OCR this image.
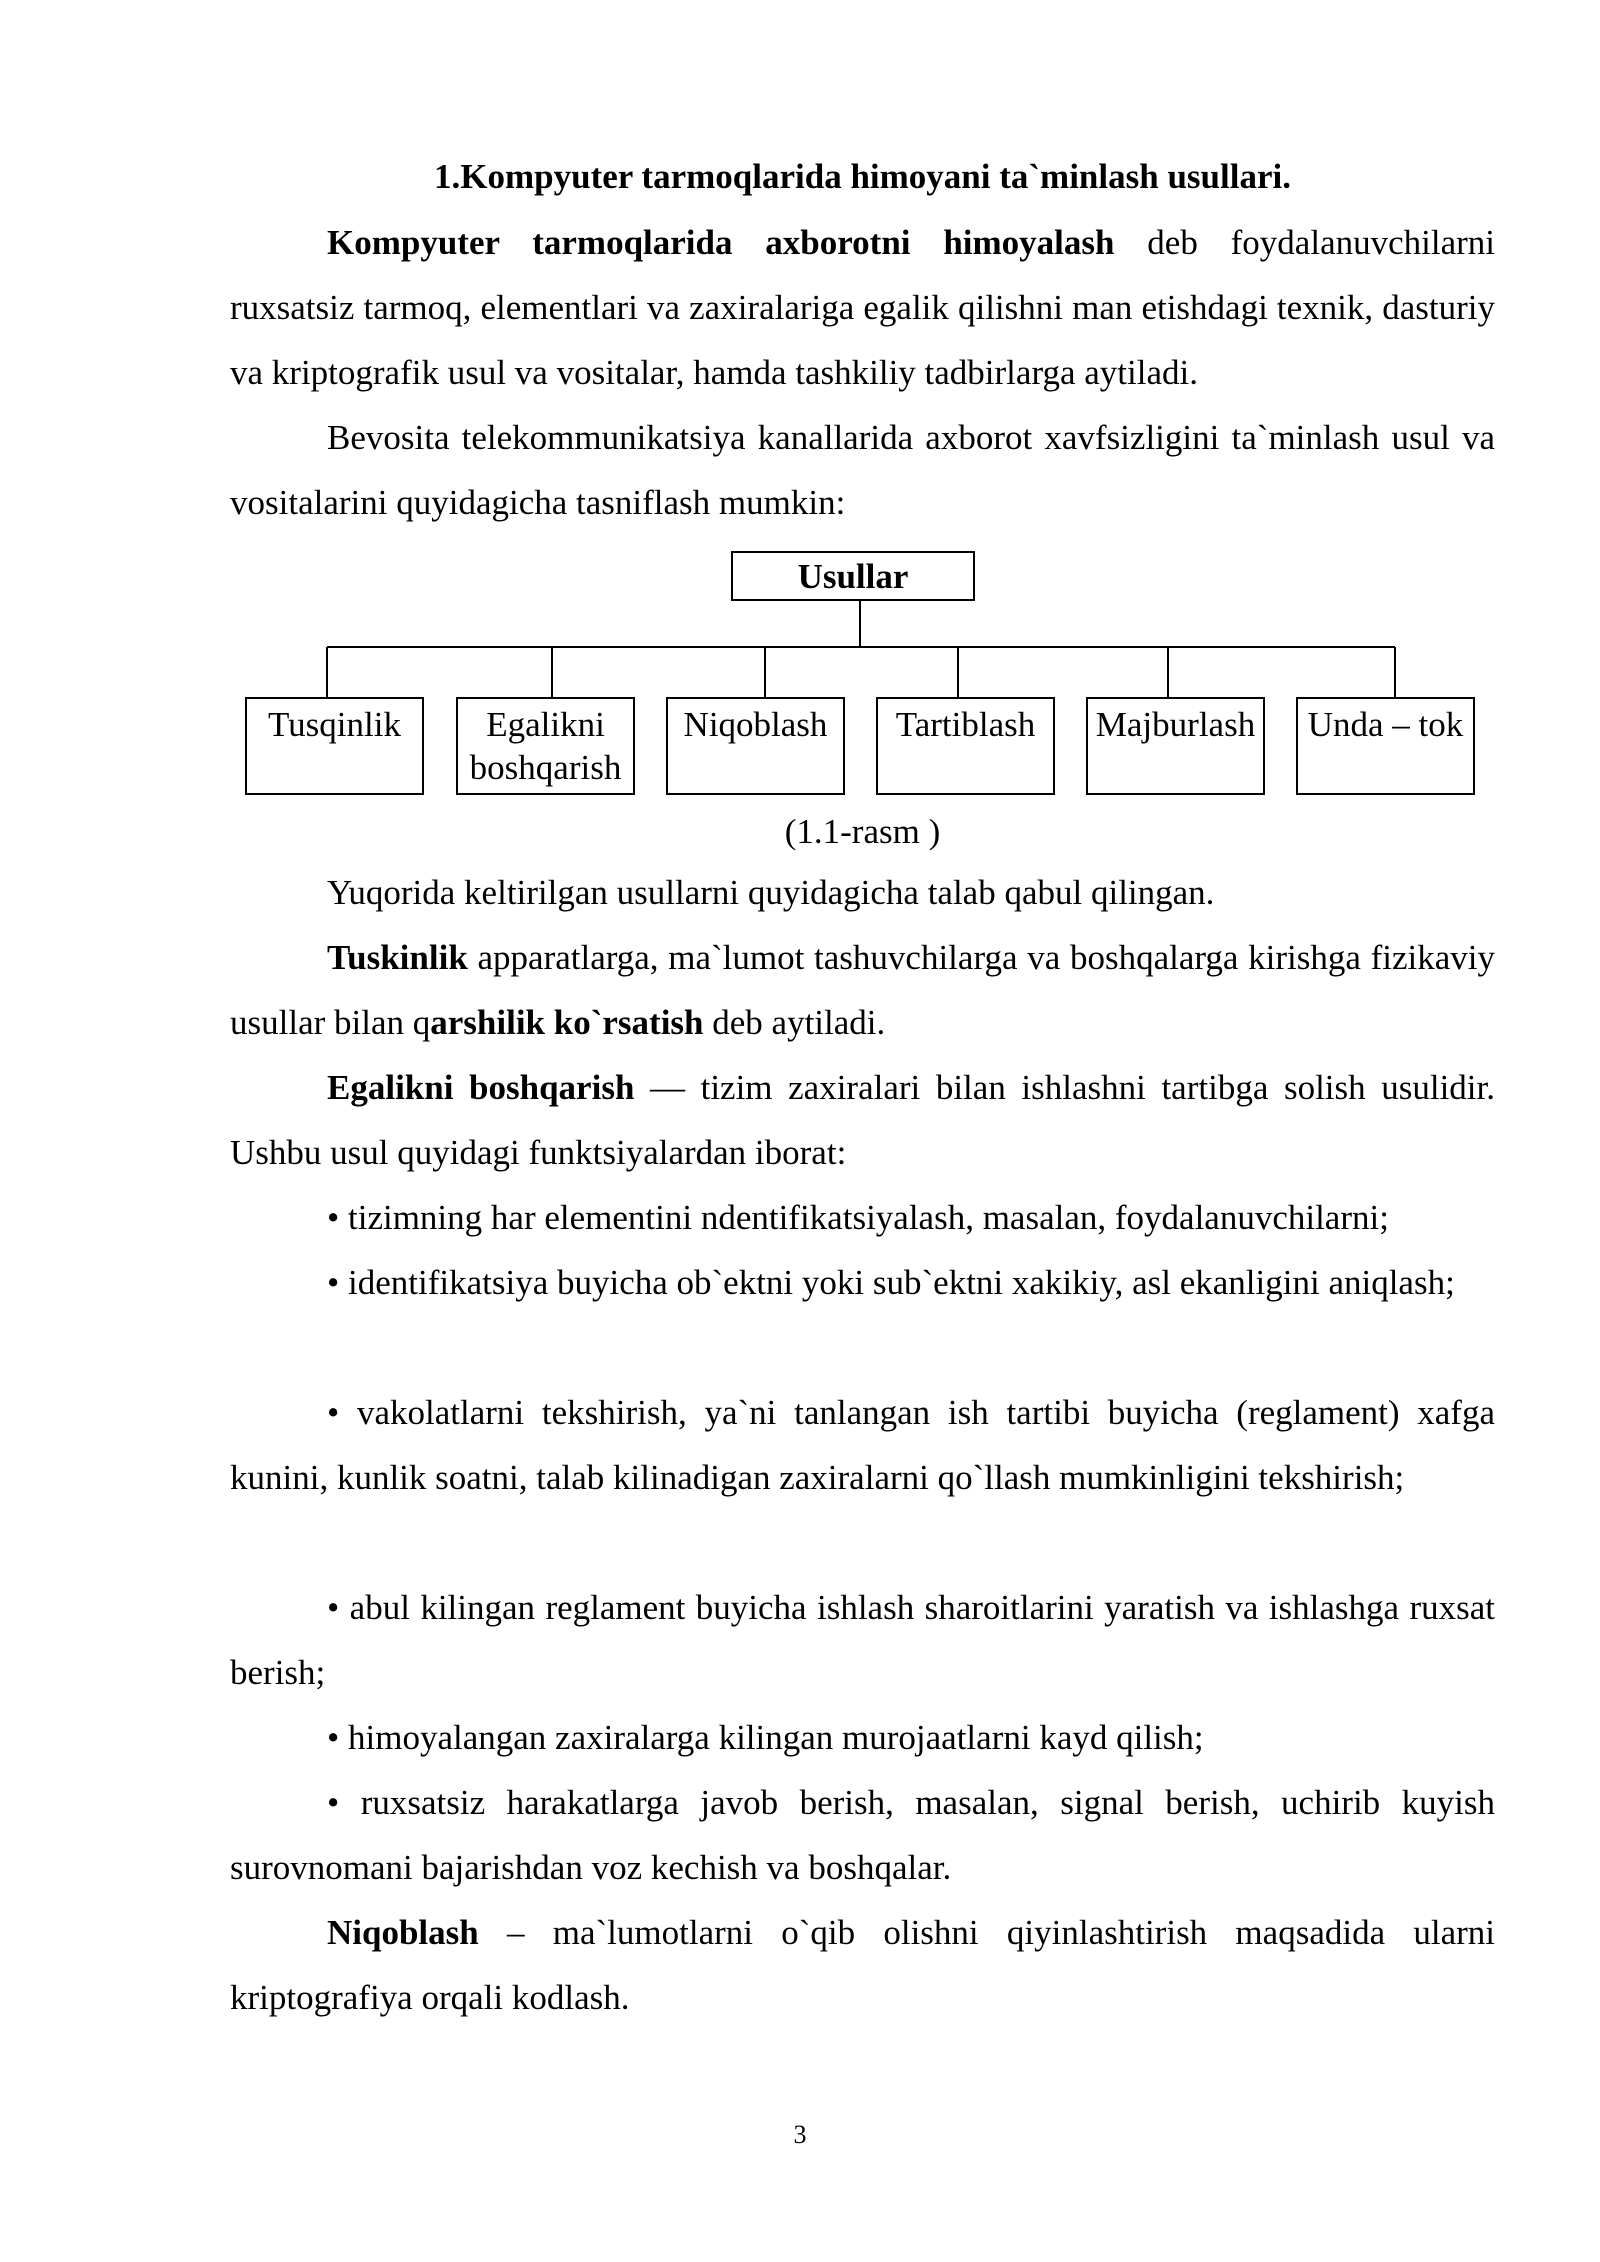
1.Kompyuter tarmoqlarida himoyani ta`minlash usullari.

Kompyuter tarmoqlarida axborotni himoyalash deb foydalanuvchilarni ruxsatsiz tarmoq, elementlari va zaxiralariga egalik qilishni man etishdagi texnik, dasturiy va kriptografik usul va vositalar, hamda tashkiliy tadbirlarga aytiladi.

Bevosita telekommunikatsiya kanallarida axborot xavfsizligini ta`minlash usul va vositalarini quyidagicha tasniflash mumkin:

Usullar
Tusqinlik	Egalikni boshqarish
Niqoblash	Tartiblash	Majburlash	Unda – tok
(1.1-rasm )

Yuqorida keltirilgan usullarni quyidagicha talab qabul qilingan.

Tuskinlik apparatlarga, ma`lumot tashuvchilarga va boshqalarga kirishga fizikaviy usullar bilan qarshilik ko`rsatish deb aytiladi.

Egalikni boshqarish — tizim zaxiralari bilan ishlashni tartibga solish usulidir. Ushbu usul quyidagi funktsiyalardan iborat:

• tizimning har elementini ndentifikatsiyalash, masalan, foydalanuvchilarni;

• identifikatsiya buyicha ob`ektni yoki sub`ektni xakikiy, asl ekanligini aniqlash;

• vakolatlarni tekshirish, ya`ni tanlangan ish tartibi buyicha (reglament) xafga kunini, kunlik soatni, talab kilinadigan zaxiralarni qo`llash mumkinligini tekshirish;

• abul kilingan reglament buyicha ishlash sharoitlarini yaratish va ishlashga ruxsat berish;

• himoyalangan zaxiralarga kilingan murojaatlarni kayd qilish;

• ruxsatsiz harakatlarga javob berish, masalan, signal berish, uchirib kuyish surovnomani bajarishdan voz kechish va boshqalar.

Niqoblash – ma`lumotlarni o`qib olishni qiyinlashtirish maqsadida ularni kriptografiya orqali kodlash.

3
